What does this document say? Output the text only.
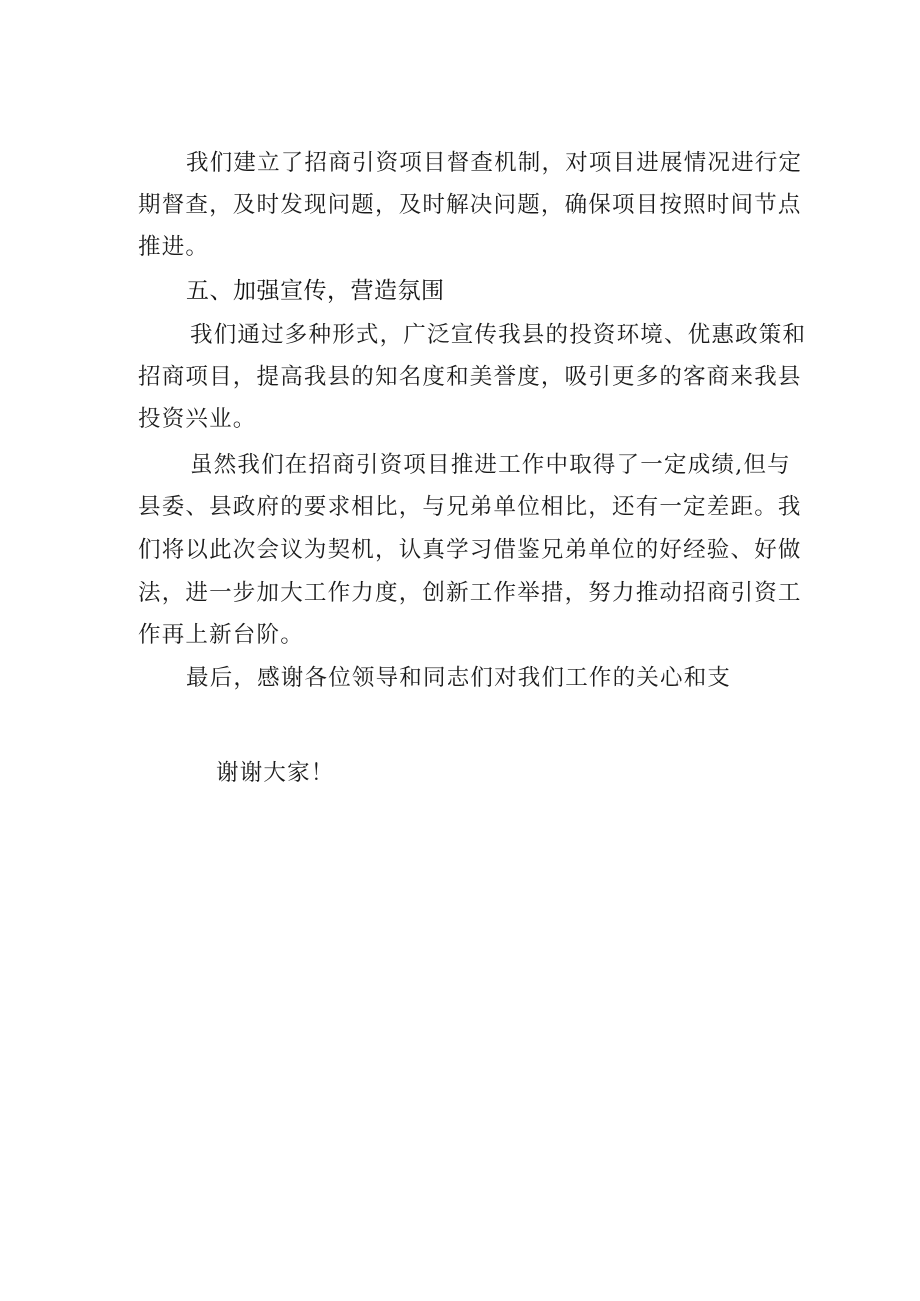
我们建立了招商引资项目督查机制，对项目进展情况进行定
期督查，及时发现问题，及时解决问题，确保项目按照时间节点
推进。
五、加强宣传，营造氛围
我们通过多种形式，广泛宣传我县的投资环境、优惠政策和
招商项目，提高我县的知名度和美誉度，吸引更多的客商来我县
投资兴业。
虽然我们在招商引资项目推进工作中取得了一定成绩,但与
县委、县政府的要求相比，与兄弟单位相比，还有一定差距。我
们将以此次会议为契机，认真学习借鉴兄弟单位的好经验、好做
法，进一步加大工作力度，创新工作举措，努力推动招商引资工
作再上新台阶。
最后，感谢各位领导和同志们对我们工作的关心和支
谢谢大家！
